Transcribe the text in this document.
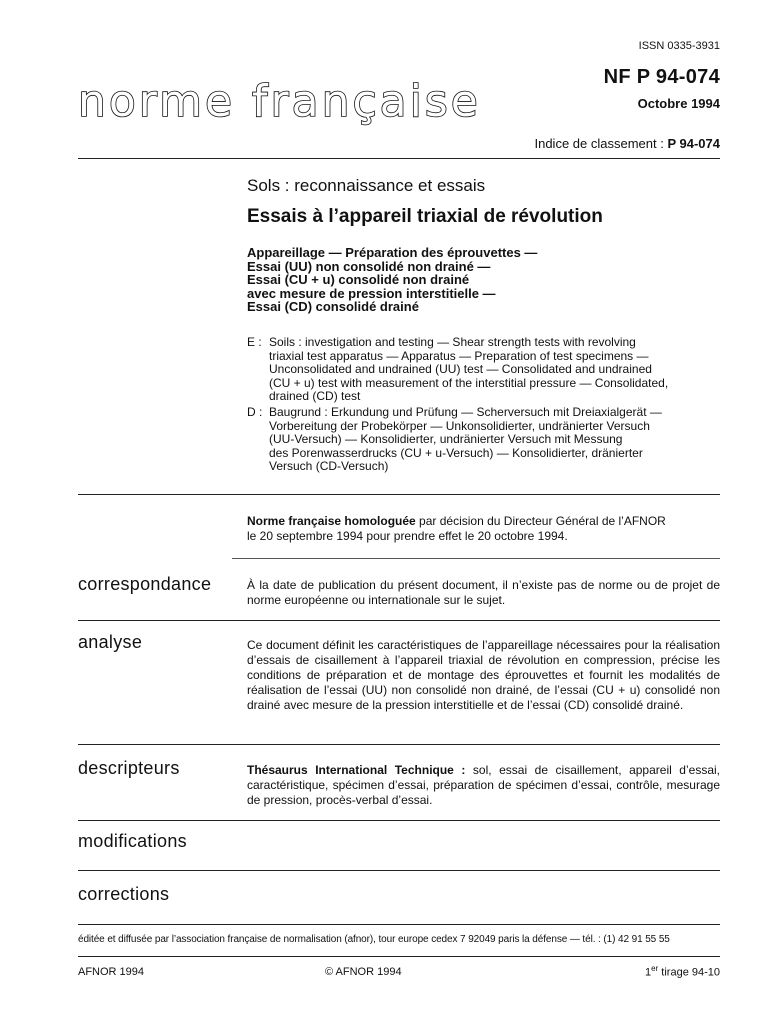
ISSN 0335-3931
NF P 94-074
Octobre 1994
norme française
Indice de classement : P 94-074
Sols : reconnaissance et essais
Essais à l’appareil triaxial de révolution
Appareillage — Préparation des éprouvettes —
Essai (UU) non consolidé non drainé —
Essai (CU + u) consolidé non drainé
avec mesure de pression interstitielle —
Essai (CD) consolidé drainé
E : Soils : investigation and testing — Shear strength tests with revolving
triaxial test apparatus — Apparatus — Preparation of test specimens —
Unconsolidated and undrained (UU) test — Consolidated and undrained
(CU + u) test with measurement of the interstitial pressure — Consolidated,
drained (CD) test
D : Baugrund : Erkundung und Prüfung — Scherversuch mit Dreiaxialgerät —
Vorbereitung der Probekörper — Unkonsolidierter, undränierter Versuch
(UU-Versuch) — Konsolidierter, undränierter Versuch mit Messung
des Porenwasserdrucks (CU + u-Versuch) — Konsolidierter, dränierter
Versuch (CD-Versuch)
Norme française homologuée par décision du Directeur Général de l’AFNOR
le 20 septembre 1994 pour prendre effet le 20 octobre 1994.
correspondance	À la date de publication du présent document, il n’existe pas de norme ou de projet de norme européenne ou internationale sur le sujet.
analyse	Ce document définit les caractéristiques de l’appareillage nécessaires pour la réalisation d’essais de cisaillement à l’appareil triaxial de révolution en compression, précise les conditions de préparation et de montage des éprouvettes et fournit les modalités de réalisation de l’essai (UU) non consolidé non drainé, de l’essai (CU + u) consolidé non drainé avec mesure de la pression interstitielle et de l’essai (CD) consolidé drainé.
descripteurs	Thésaurus International Technique : sol, essai de cisaillement, appareil d’essai, caractéristique, spécimen d’essai, préparation de spécimen d’essai, contrôle, mesurage de pression, procès-verbal d’essai.
modifications
corrections
éditée et diffusée par l’association française de normalisation (afnor), tour europe cedex 7 92049 paris la défense — tél. : (1) 42 91 55 55
AFNOR 1994	© AFNOR 1994	1er tirage 94-10
